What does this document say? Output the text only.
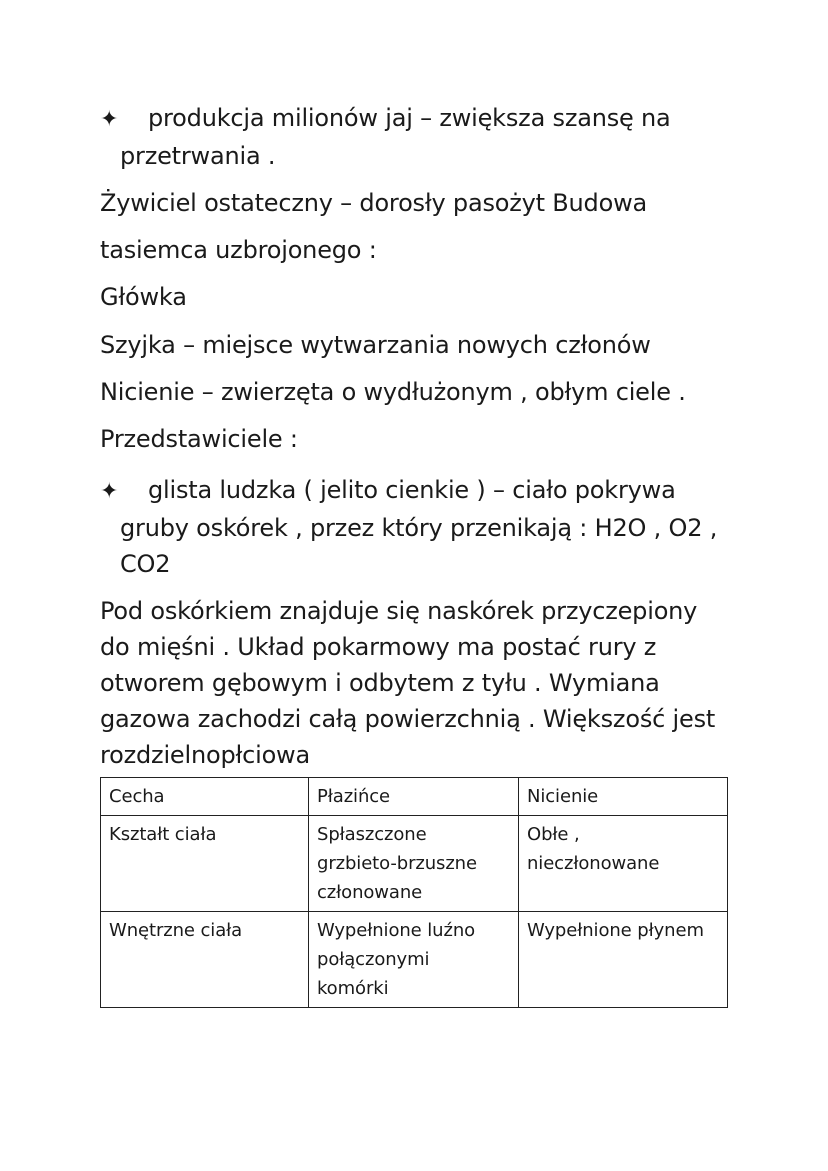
✦ produkcja milionów jaj – zwiększa szansę na
przetrwania .
Żywiciel ostateczny – dorosły pasożyt Budowa
tasiemca uzbrojonego :
Główka
Szyjka – miejsce wytwarzania nowych członów
Nicienie – zwierzęta o wydłużonym , obłym ciele .
Przedstawiciele :
✦ glista ludzka ( jelito cienkie ) – ciało pokrywa
gruby oskórek , przez który przenikają : H2O , O2 ,
CO2
Pod oskórkiem znajduje się naskórek przyczepiony
do mięśni . Układ pokarmowy ma postać rury z
otworem gębowym i odbytem z tyłu . Wymiana
gazowa zachodzi całą powierzchnią . Większość jest
rozdzielnopłciowa
Cecha	Płazińce	Nicienie

Kształt ciała	Spłaszczone
grzbieto-brzuszne
członowane	Obłe ,
nieczłonowane

Wnętrzne ciała	Wypełnione luźno
połączonymi
komórki	Wypełnione płynem
